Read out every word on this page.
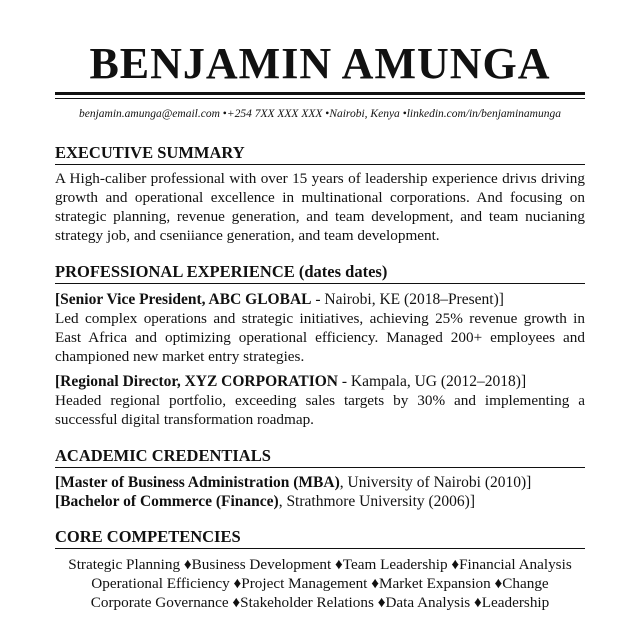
BENJAMIN AMUNGA
benjamin.amunga@email.com • +254 7XX XXX XXX • Nairobi, Kenya • linkedin.com/in/benjaminamunga
EXECUTIVE SUMMARY

A High-caliber professional with over 15 years of leadership experience drivıs driving growth and operational excellence in multinational corporations. And focusing on strategic planning, revenue generation, and team development, and team nucianing strategy job, and cseniiance generation, and team development.

PROFESSIONAL EXPERIENCE (dates dates)
[Senior Vice President, ABC GLOBAL - Nairobi, KE (2018–Present)]

Led complex operations and strategic initiatives, achieving 25% revenue growth in East Africa and optimizing operational efficiency. Managed 200+ employees and championed new market entry strategies.

[Regional Director, XYZ CORPORATION - Kampala, UG (2012–2018)]

Headed regional portfolio, exceeding sales targets by 30% and implementing a successful digital transformation roadmap.

ACADEMIC CREDENTIALS
[Master of Business Administration (MBA), University of Nairobi (2010)]
[Bachelor of Commerce (Finance), Strathmore University (2006)]
CORE COMPETENCIES
Strategic Planning ♦ Business Development ♦ Team Leadership ♦ Financial Analysis
Operational Efficiency ♦ Project Management ♦ Market Expansion ♦ Change
Corporate Governance ♦ Stakeholder Relations ♦ Data Analysis ♦ Leadership
